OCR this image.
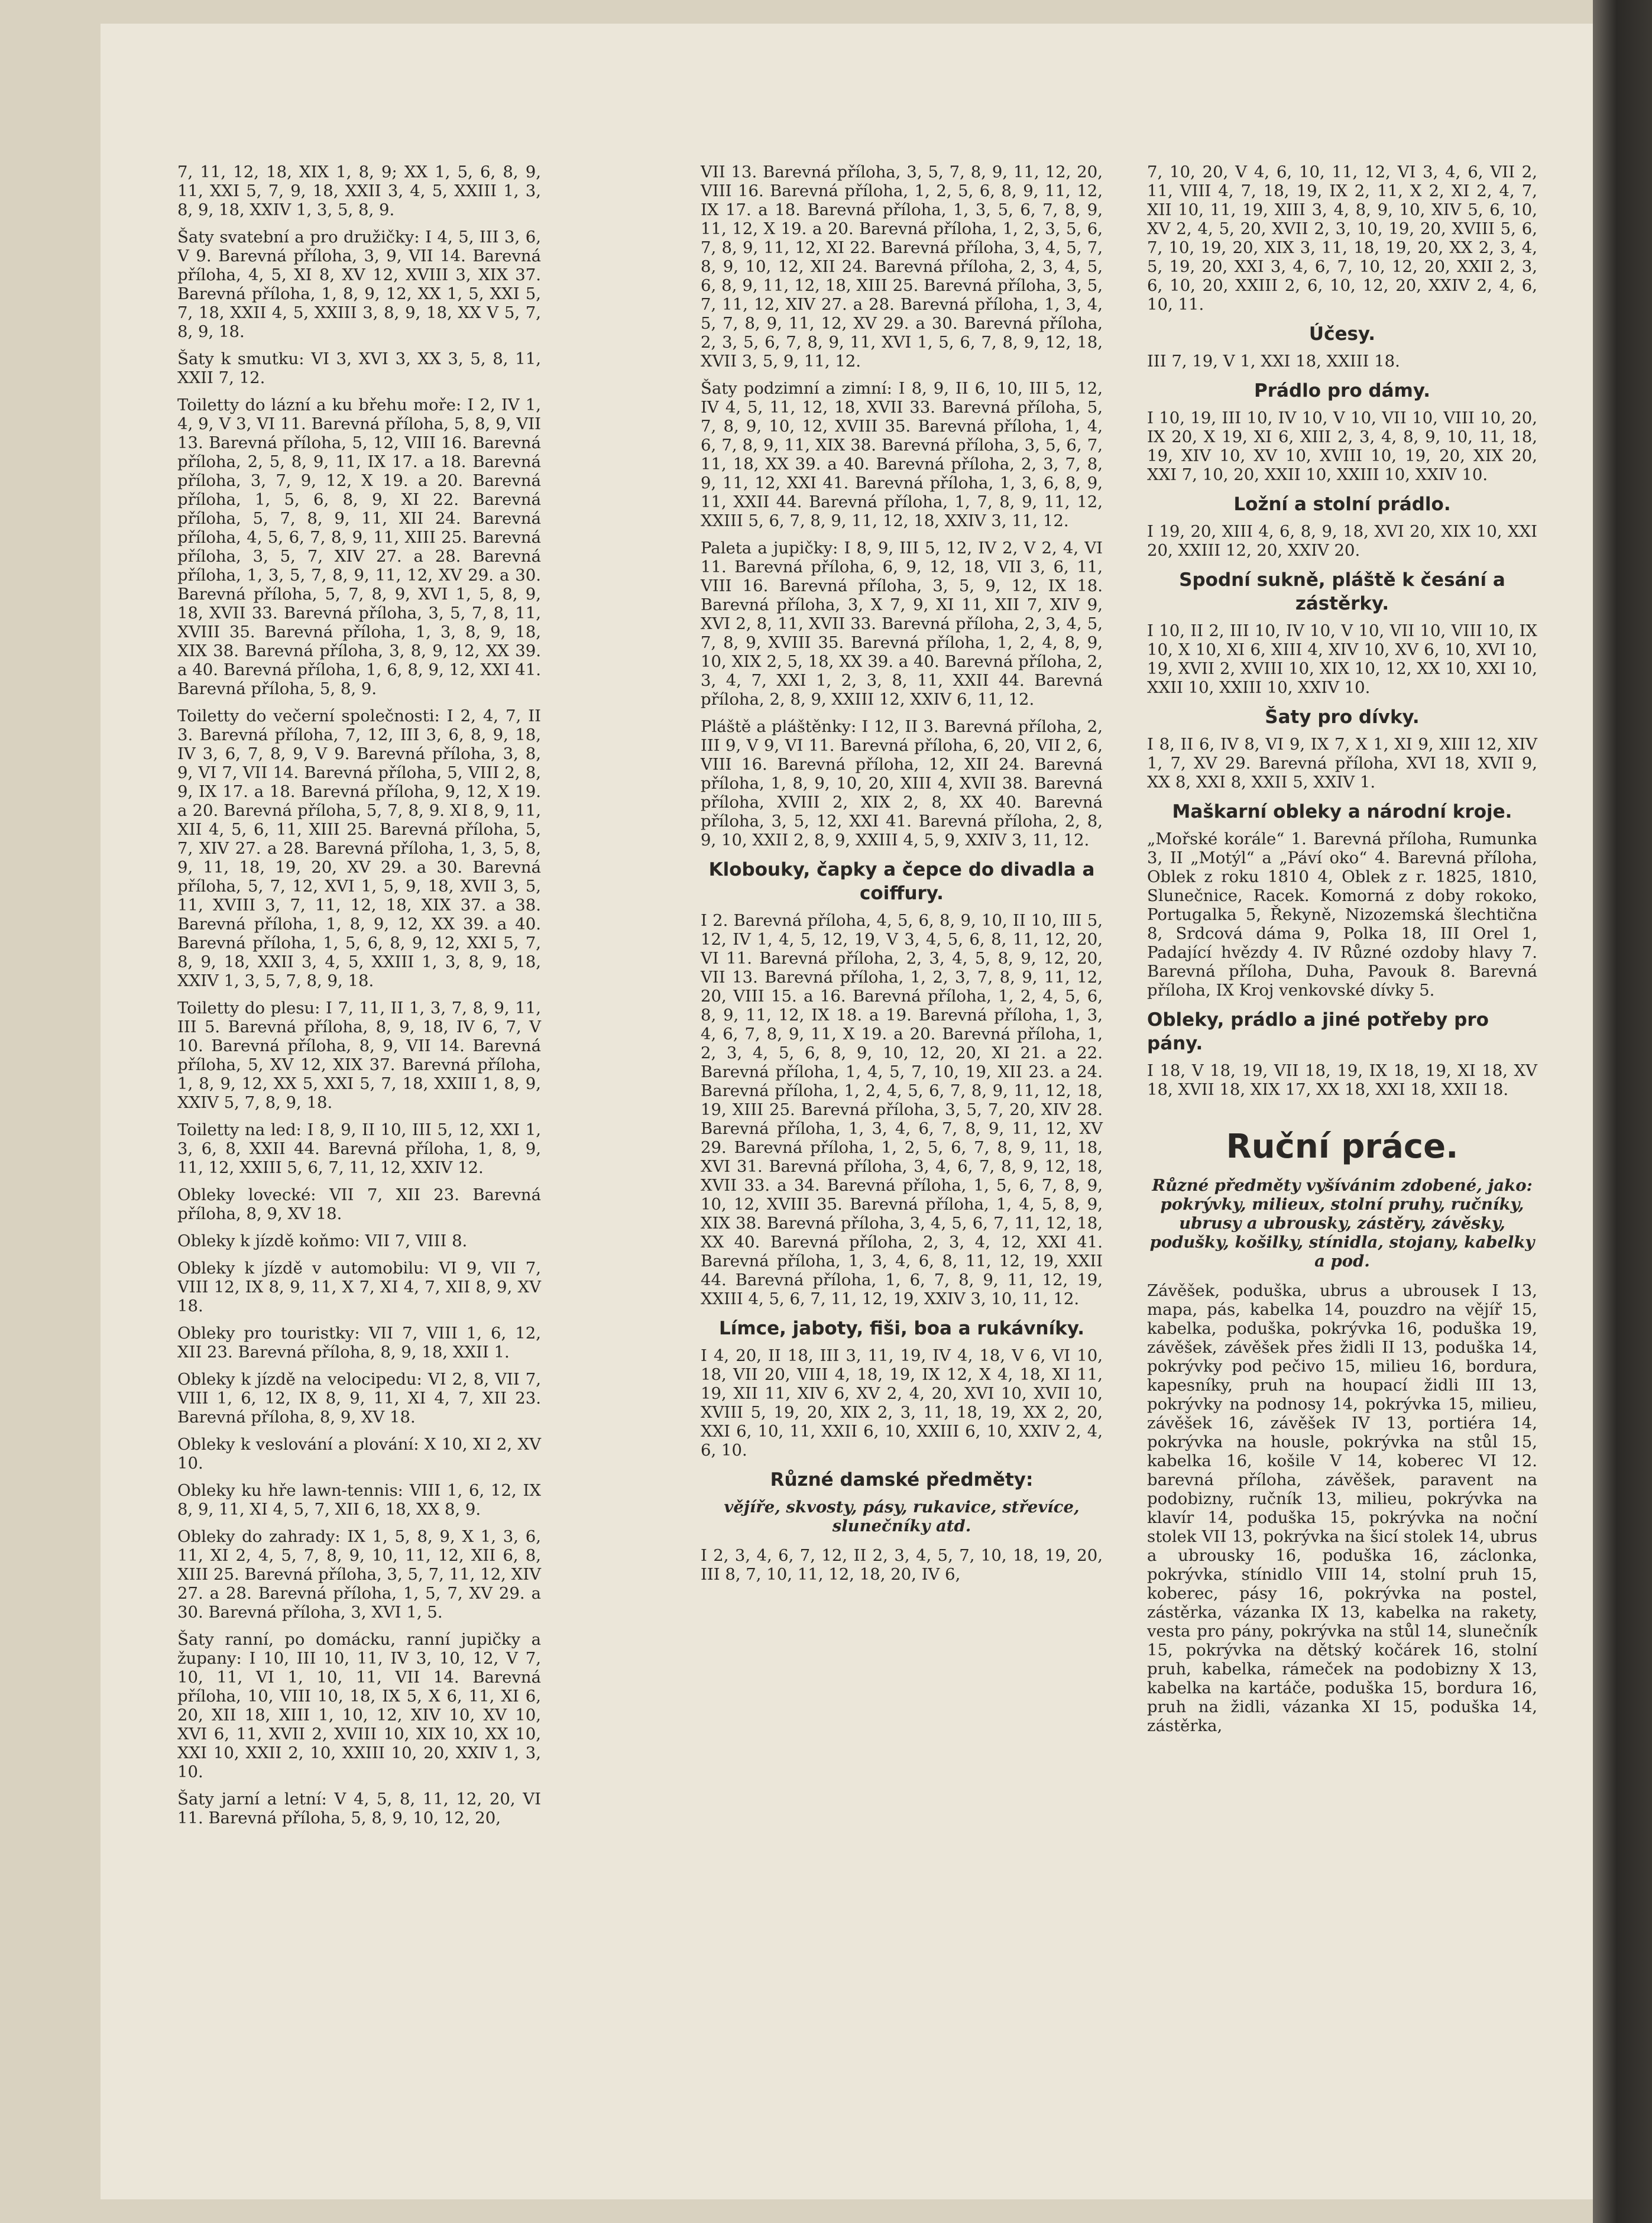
7, 11, 12, 18, XIX 1, 8, 9; XX 1, 5, 6, 8, 9, 11, XXI 5, 7, 9, 18, XXII 3, 4, 5, XXIII 1, 3, 8, 9, 18, XXIV 1, 3, 5, 8, 9.

Šaty svatební a pro družičky: I 4, 5, III 3, 6, V 9. Barevná příloha, 3, 9, VII 14. Barevná příloha, 4, 5, XI 8, XV 12, XVIII 3, XIX 37. Barevná příloha, 1, 8, 9, 12, XX 1, 5, XXI 5, 7, 18, XXII 4, 5, XXIII 3, 8, 9, 18, XX V 5, 7, 8, 9, 18.

Šaty k smutku: VI 3, XVI 3, XX 3, 5, 8, 11, XXII 7, 12.

Toiletty do lázní a ku břehu moře: I 2, IV 1, 4, 9, V 3, VI 11. Barevná příloha, 5, 8, 9, VII 13. Barevná příloha, 5, 12, VIII 16. Barevná příloha, 2, 5, 8, 9, 11, IX 17. a 18. Barevná příloha, 3, 7, 9, 12, X 19. a 20. Barevná příloha, 1, 5, 6, 8, 9, XI 22. Barevná příloha, 5, 7, 8, 9, 11, XII 24. Barevná příloha, 4, 5, 6, 7, 8, 9, 11, XIII 25. Barevná příloha, 3, 5, 7, XIV 27. a 28. Barevná příloha, 1, 3, 5, 7, 8, 9, 11, 12, XV 29. a 30. Barevná příloha, 5, 7, 8, 9, XVI 1, 5, 8, 9, 18, XVII 33. Barevná příloha, 3, 5, 7, 8, 11, XVIII 35. Barevná příloha, 1, 3, 8, 9, 18, XIX 38. Barevná příloha, 3, 8, 9, 12, XX 39. a 40. Barevná příloha, 1, 6, 8, 9, 12, XXI 41. Barevná příloha, 5, 8, 9.

Toiletty do večerní společnosti: I 2, 4, 7, II 3. Barevná příloha, 7, 12, III 3, 6, 8, 9, 18, IV 3, 6, 7, 8, 9, V 9. Barevná příloha, 3, 8, 9, VI 7, VII 14. Barevná příloha, 5, VIII 2, 8, 9, IX 17. a 18. Barevná příloha, 9, 12, X 19. a 20. Barevná příloha, 5, 7, 8, 9. XI 8, 9, 11, XII 4, 5, 6, 11, XIII 25. Barevná příloha, 5, 7, XIV 27. a 28. Barevná příloha, 1, 3, 5, 8, 9, 11, 18, 19, 20, XV 29. a 30. Barevná příloha, 5, 7, 12, XVI 1, 5, 9, 18, XVII 3, 5, 11, XVIII 3, 7, 11, 12, 18, XIX 37. a 38. Barevná příloha, 1, 8, 9, 12, XX 39. a 40. Barevná příloha, 1, 5, 6, 8, 9, 12, XXI 5, 7, 8, 9, 18, XXII 3, 4, 5, XXIII 1, 3, 8, 9, 18, XXIV 1, 3, 5, 7, 8, 9, 18.

Toiletty do plesu: I 7, 11, II 1, 3, 7, 8, 9, 11, III 5. Barevná příloha, 8, 9, 18, IV 6, 7, V 10. Barevná příloha, 8, 9, VII 14. Barevná příloha, 5, XV 12, XIX 37. Barevná příloha, 1, 8, 9, 12, XX 5, XXI 5, 7, 18, XXIII 1, 8, 9, XXIV 5, 7, 8, 9, 18.

Toiletty na led: I 8, 9, II 10, III 5, 12, XXI 1, 3, 6, 8, XXII 44. Barevná příloha, 1, 8, 9, 11, 12, XXIII 5, 6, 7, 11, 12, XXIV 12.

Obleky lovecké: VII 7, XII 23. Barevná příloha, 8, 9, XV 18.

Obleky k jízdě koňmo: VII 7, VIII 8.

Obleky k jízdě v automobilu: VI 9, VII 7, VIII 12, IX 8, 9, 11, X 7, XI 4, 7, XII 8, 9, XV 18.

Obleky pro touristky: VII 7, VIII 1, 6, 12, XII 23. Barevná příloha, 8, 9, 18, XXII 1.

Obleky k jízdě na velocipedu: VI 2, 8, VII 7, VIII 1, 6, 12, IX 8, 9, 11, XI 4, 7, XII 23. Barevná příloha, 8, 9, XV 18.

Obleky k veslování a plování: X 10, XI 2, XV 10.

Obleky ku hře lawn-tennis: VIII 1, 6, 12, IX 8, 9, 11, XI 4, 5, 7, XII 6, 18, XX 8, 9.

Obleky do zahrady: IX 1, 5, 8, 9, X 1, 3, 6, 11, XI 2, 4, 5, 7, 8, 9, 10, 11, 12, XII 6, 8, XIII 25. Barevná příloha, 3, 5, 7, 11, 12, XIV 27. a 28. Barevná příloha, 1, 5, 7, XV 29. a 30. Barevná příloha, 3, XVI 1, 5.

Šaty ranní, po domácku, ranní jupičky a župany: I 10, III 10, 11, IV 3, 10, 12, V 7, 10, 11, VI 1, 10, 11, VII 14. Barevná příloha, 10, VIII 10, 18, IX 5, X 6, 11, XI 6, 20, XII 18, XIII 1, 10, 12, XIV 10, XV 10, XVI 6, 11, XVII 2, XVIII 10, XIX 10, XX 10, XXI 10, XXII 2, 10, XXIII 10, 20, XXIV 1, 3, 10.

Šaty jarní a letní: V 4, 5, 8, 11, 12, 20, VI 11. Barevná příloha, 5, 8, 9, 10, 12, 20,

VII 13. Barevná příloha, 3, 5, 7, 8, 9, 11, 12, 20, VIII 16. Barevná příloha, 1, 2, 5, 6, 8, 9, 11, 12, IX 17. a 18. Barevná příloha, 1, 3, 5, 6, 7, 8, 9, 11, 12, X 19. a 20. Barevná příloha, 1, 2, 3, 5, 6, 7, 8, 9, 11, 12, XI 22. Barevná příloha, 3, 4, 5, 7, 8, 9, 10, 12, XII 24. Barevná příloha, 2, 3, 4, 5, 6, 8, 9, 11, 12, 18, XIII 25. Barevná příloha, 3, 5, 7, 11, 12, XIV 27. a 28. Barevná příloha, 1, 3, 4, 5, 7, 8, 9, 11, 12, XV 29. a 30. Barevná příloha, 2, 3, 5, 6, 7, 8, 9, 11, XVI 1, 5, 6, 7, 8, 9, 12, 18, XVII 3, 5, 9, 11, 12.

Šaty podzimní a zimní: I 8, 9, II 6, 10, III 5, 12, IV 4, 5, 11, 12, 18, XVII 33. Barevná příloha, 5, 7, 8, 9, 10, 12, XVIII 35. Barevná příloha, 1, 4, 6, 7, 8, 9, 11, XIX 38. Barevná příloha, 3, 5, 6, 7, 11, 18, XX 39. a 40. Barevná příloha, 2, 3, 7, 8, 9, 11, 12, XXI 41. Barevná příloha, 1, 3, 6, 8, 9, 11, XXII 44. Barevná příloha, 1, 7, 8, 9, 11, 12, XXIII 5, 6, 7, 8, 9, 11, 12, 18, XXIV 3, 11, 12.

Paleta a jupičky: I 8, 9, III 5, 12, IV 2, V 2, 4, VI 11. Barevná příloha, 6, 9, 12, 18, VII 3, 6, 11, VIII 16. Barevná příloha, 3, 5, 9, 12, IX 18. Barevná příloha, 3, X 7, 9, XI 11, XII 7, XIV 9, XVI 2, 8, 11, XVII 33. Barevná příloha, 2, 3, 4, 5, 7, 8, 9, XVIII 35. Barevná příloha, 1, 2, 4, 8, 9, 10, XIX 2, 5, 18, XX 39. a 40. Barevná příloha, 2, 3, 4, 7, XXI 1, 2, 3, 8, 11, XXII 44. Barevná příloha, 2, 8, 9, XXIII 12, XXIV 6, 11, 12.

Pláště a pláštěnky: I 12, II 3. Barevná příloha, 2, III 9, V 9, VI 11. Barevná příloha, 6, 20, VII 2, 6, VIII 16. Barevná příloha, 12, XII 24. Barevná příloha, 1, 8, 9, 10, 20, XIII 4, XVII 38. Barevná příloha, XVIII 2, XIX 2, 8, XX 40. Barevná příloha, 3, 5, 12, XXI 41. Barevná příloha, 2, 8, 9, 10, XXII 2, 8, 9, XXIII 4, 5, 9, XXIV 3, 11, 12.

Klobouky, čapky a čepce do divadla a coiffury.

I 2. Barevná příloha, 4, 5, 6, 8, 9, 10, II 10, III 5, 12, IV 1, 4, 5, 12, 19, V 3, 4, 5, 6, 8, 11, 12, 20, VI 11. Barevná příloha, 2, 3, 4, 5, 8, 9, 12, 20, VII 13. Barevná příloha, 1, 2, 3, 7, 8, 9, 11, 12, 20, VIII 15. a 16. Barevná příloha, 1, 2, 4, 5, 6, 8, 9, 11, 12, IX 18. a 19. Barevná příloha, 1, 3, 4, 6, 7, 8, 9, 11, X 19. a 20. Barevná příloha, 1, 2, 3, 4, 5, 6, 8, 9, 10, 12, 20, XI 21. a 22. Barevná příloha, 1, 4, 5, 7, 10, 19, XII 23. a 24. Barevná příloha, 1, 2, 4, 5, 6, 7, 8, 9, 11, 12, 18, 19, XIII 25. Barevná příloha, 3, 5, 7, 20, XIV 28. Barevná příloha, 1, 3, 4, 6, 7, 8, 9, 11, 12, XV 29. Barevná příloha, 1, 2, 5, 6, 7, 8, 9, 11, 18, XVI 31. Barevná příloha, 3, 4, 6, 7, 8, 9, 12, 18, XVII 33. a 34. Barevná příloha, 1, 5, 6, 7, 8, 9, 10, 12, XVIII 35. Barevná příloha, 1, 4, 5, 8, 9, XIX 38. Barevná příloha, 3, 4, 5, 6, 7, 11, 12, 18, XX 40. Barevná příloha, 2, 3, 4, 12, XXI 41. Barevná příloha, 1, 3, 4, 6, 8, 11, 12, 19, XXII 44. Barevná příloha, 1, 6, 7, 8, 9, 11, 12, 19, XXIII 4, 5, 6, 7, 11, 12, 19, XXIV 3, 10, 11, 12.

Límce, jaboty, fiši, boa a rukávníky.

I 4, 20, II 18, III 3, 11, 19, IV 4, 18, V 6, VI 10, 18, VII 20, VIII 4, 18, 19, IX 12, X 4, 18, XI 11, 19, XII 11, XIV 6, XV 2, 4, 20, XVI 10, XVII 10, XVIII 5, 19, 20, XIX 2, 3, 11, 18, 19, XX 2, 20, XXI 6, 10, 11, XXII 6, 10, XXIII 6, 10, XXIV 2, 4, 6, 10.

Různé damské předměty:

vějíře, skvosty, pásy, rukavice, střevíce, slunečníky atd.

I 2, 3, 4, 6, 7, 12, II 2, 3, 4, 5, 7, 10, 18, 19, 20, III 8, 7, 10, 11, 12, 18, 20, IV 6,

7, 10, 20, V 4, 6, 10, 11, 12, VI 3, 4, 6, VII 2, 11, VIII 4, 7, 18, 19, IX 2, 11, X 2, XI 2, 4, 7, XII 10, 11, 19, XIII 3, 4, 8, 9, 10, XIV 5, 6, 10, XV 2, 4, 5, 20, XVII 2, 3, 10, 19, 20, XVIII 5, 6, 7, 10, 19, 20, XIX 3, 11, 18, 19, 20, XX 2, 3, 4, 5, 19, 20, XXI 3, 4, 6, 7, 10, 12, 20, XXII 2, 3, 6, 10, 20, XXIII 2, 6, 10, 12, 20, XXIV 2, 4, 6, 10, 11.

Účesy.

III 7, 19, V 1, XXI 18, XXIII 18.

Prádlo pro dámy.

I 10, 19, III 10, IV 10, V 10, VII 10, VIII 10, 20, IX 20, X 19, XI 6, XIII 2, 3, 4, 8, 9, 10, 11, 18, 19, XIV 10, XV 10, XVIII 10, 19, 20, XIX 20, XXI 7, 10, 20, XXII 10, XXIII 10, XXIV 10.

Ložní a stolní prádlo.

I 19, 20, XIII 4, 6, 8, 9, 18, XVI 20, XIX 10, XXI 20, XXIII 12, 20, XXIV 20.

Spodní sukně, pláště k česání a zástěrky.

I 10, II 2, III 10, IV 10, V 10, VII 10, VIII 10, IX 10, X 10, XI 6, XIII 4, XIV 10, XV 6, 10, XVI 10, 19, XVII 2, XVIII 10, XIX 10, 12, XX 10, XXI 10, XXII 10, XXIII 10, XXIV 10.

Šaty pro dívky.

I 8, II 6, IV 8, VI 9, IX 7, X 1, XI 9, XIII 12, XIV 1, 7, XV 29. Barevná příloha, XVI 18, XVII 9, XX 8, XXI 8, XXII 5, XXIV 1.

Maškarní obleky a národní kroje.

„Mořské korále“ 1. Barevná příloha, Rumunka 3, II „Motýl“ a „Páví oko“ 4. Barevná příloha, Oblek z roku 1810 4, Oblek z r. 1825, 1810, Slunečnice, Racek. Komorná z doby rokoko, Portugalka 5, Řekyně, Nizozemská šlechtična 8, Srdcová dáma 9, Polka 18, III Orel 1, Padající hvězdy 4. IV Různé ozdoby hlavy 7. Barevná příloha, Duha, Pavouk 8. Barevná příloha, IX Kroj venkovské dívky 5.

Obleky, prádlo a jiné potřeby pro pány.

I 18, V 18, 19, VII 18, 19, IX 18, 19, XI 18, XV 18, XVII 18, XIX 17, XX 18, XXI 18, XXII 18.

Ruční práce.

Různé předměty vyšívánim zdobené, jako: pokrývky, milieux, stolní pruhy, ručníky, ubrusy a ubrousky, zástěry, závěsky, podušky, košilky, stínidla, stojany, kabelky a pod.

Závěšek, poduška, ubrus a ubrousek I 13, mapa, pás, kabelka 14, pouzdro na vějíř 15, kabelka, poduška, pokrývka 16, poduška 19, závěšek, závěšek přes židli II 13, poduška 14, pokrývky pod pečivo 15, milieu 16, bordura, kapesníky, pruh na houpací židli III 13, pokrývky na podnosy 14, pokrývka 15, milieu, závěšek 16, závěšek IV 13, portiéra 14, pokrývka na housle, pokrývka na stůl 15, kabelka 16, košile V 14, koberec VI 12. barevná příloha, závěšek, paravent na podobizny, ručník 13, milieu, pokrývka na klavír 14, poduška 15, pokrývka na noční stolek VII 13, pokrývka na šicí stolek 14, ubrus a ubrousky 16, poduška 16, záclonka, pokrývka, stínidlo VIII 14, stolní pruh 15, koberec, pásy 16, pokrývka na postel, zástěrka, vázanka IX 13, kabelka na rakety, vesta pro pány, pokrývka na stůl 14, slunečník 15, pokrývka na dětský kočárek 16, stolní pruh, kabelka, rámeček na podobizny X 13, kabelka na kartáče, poduška 15, bordura 16, pruh na židli, vázanka XI 15, poduška 14, zástěrka,
